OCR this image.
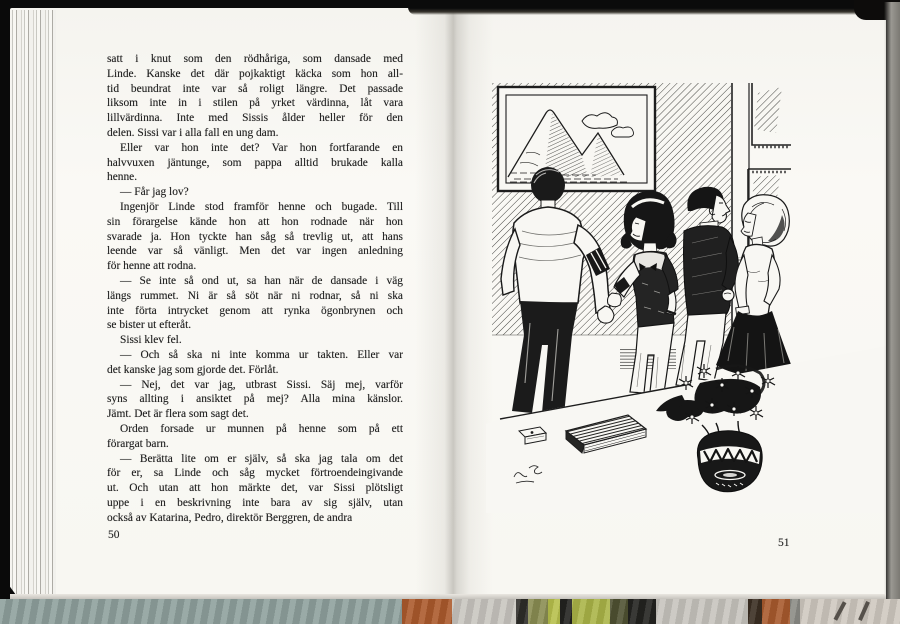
satt i knut som den rödhåriga, som dansade med
Linde. Kanske det där pojkaktigt käcka som hon all-
tid beundrat inte var så roligt längre. Det passade
liksom inte in i stilen på yrket värdinna, låt vara
lillvärdinna. Inte med Sissis ålder heller för den
delen. Sissi var i alla fall en ung dam.
Eller var hon inte det? Var hon fortfarande en
halvvuxen jäntunge, som pappa alltid brukade kalla
henne.
— Får jag lov?
Ingenjör Linde stod framför henne och bugade. Till
sin förargelse kände hon att hon rodnade när hon
svarade ja. Hon tyckte han såg så trevlig ut, att hans
leende var så vänligt. Men det var ingen anledning
för henne att rodna.
— Se inte så ond ut, sa han när de dansade i väg
längs rummet. Ni är så söt när ni rodnar, så ni ska
inte förta intrycket genom att rynka ögonbrynen och
se bister ut efteråt.
Sissi klev fel.
— Och så ska ni inte komma ur takten. Eller var
det kanske jag som gjorde det. Förlåt.
— Nej, det var jag, utbrast Sissi. Säj mej, varför
syns allting i ansiktet på mej? Alla mina känslor.
Jämt. Det är flera som sagt det.
Orden forsade ur munnen på henne som på ett
förargat barn.
— Berätta lite om er själv, så ska jag tala om det
för er, sa Linde och såg mycket förtroendeingivande
ut. Och utan att hon märkte det, var Sissi plötsligt
uppe i en beskrivning inte bara av sig själv, utan
också av Katarina, Pedro, direktör Berggren, de andra
50
51
